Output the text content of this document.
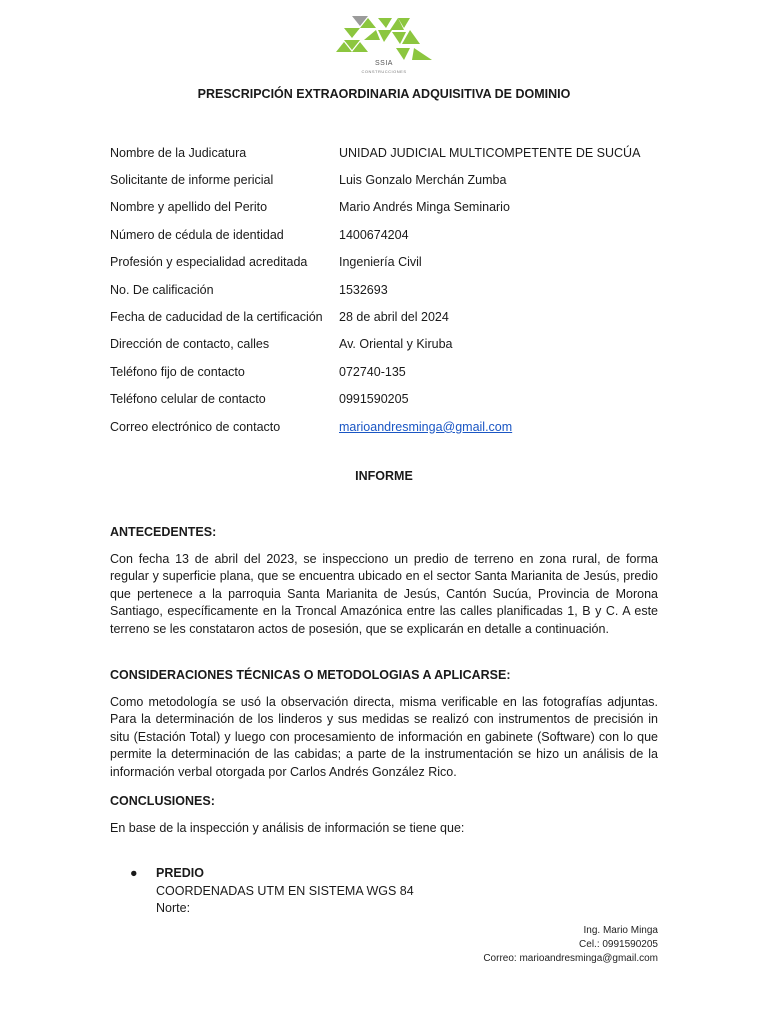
SSIA
CONSTRUCCIONES
PRESCRIPCIÓN EXTRAORDINARIA ADQUISITIVA DE DOMINIO
Nombre de la Judicatura	UNIDAD JUDICIAL MULTICOMPETENTE DE SUCÚA
Solicitante de informe pericial	Luis Gonzalo Merchán Zumba
Nombre y apellido del Perito	Mario Andrés Minga Seminario
Número de cédula de identidad	1400674204
Profesión y especialidad acreditada	Ingeniería Civil
No. De calificación	1532693
Fecha de caducidad de la certificación	28 de abril del 2024
Dirección de contacto, calles	Av. Oriental y Kiruba
Teléfono fijo de contacto	072740-135
Teléfono celular de contacto	0991590205
Correo electrónico de contacto	marioandresminga@gmail.com
INFORME
ANTECEDENTES:
Con fecha 13 de abril del 2023, se inspecciono un predio de terreno en zona rural, de forma regular y superficie plana, que se encuentra ubicado en el sector Santa Marianita de Jesús, predio que pertenece a la parroquia Santa Marianita de Jesús, Cantón Sucúa, Provincia de Morona Santiago, específicamente en la Troncal Amazónica entre las calles planificadas 1, B y C. A este terreno se les constataron actos de posesión, que se explicarán en detalle a continuación.
CONSIDERACIONES TÉCNICAS O METODOLOGIAS A APLICARSE:
Como metodología se usó la observación directa, misma verificable en las fotografías adjuntas. Para la determinación de los linderos y sus medidas se realizó con instrumentos de precisión in situ (Estación Total) y luego con procesamiento de información en gabinete (Software) con lo que permite la determinación de las cabidas; a parte de la instrumentación se hizo un análisis de la información verbal otorgada por Carlos Andrés González Rico.
CONCLUSIONES:
En base de la inspección y análisis de información se tiene que:
● PREDIO
COORDENADAS UTM EN SISTEMA WGS 84
Norte:
Ing. Mario Minga
Cel.: 0991590205
Correo: marioandresminga@gmail.com
